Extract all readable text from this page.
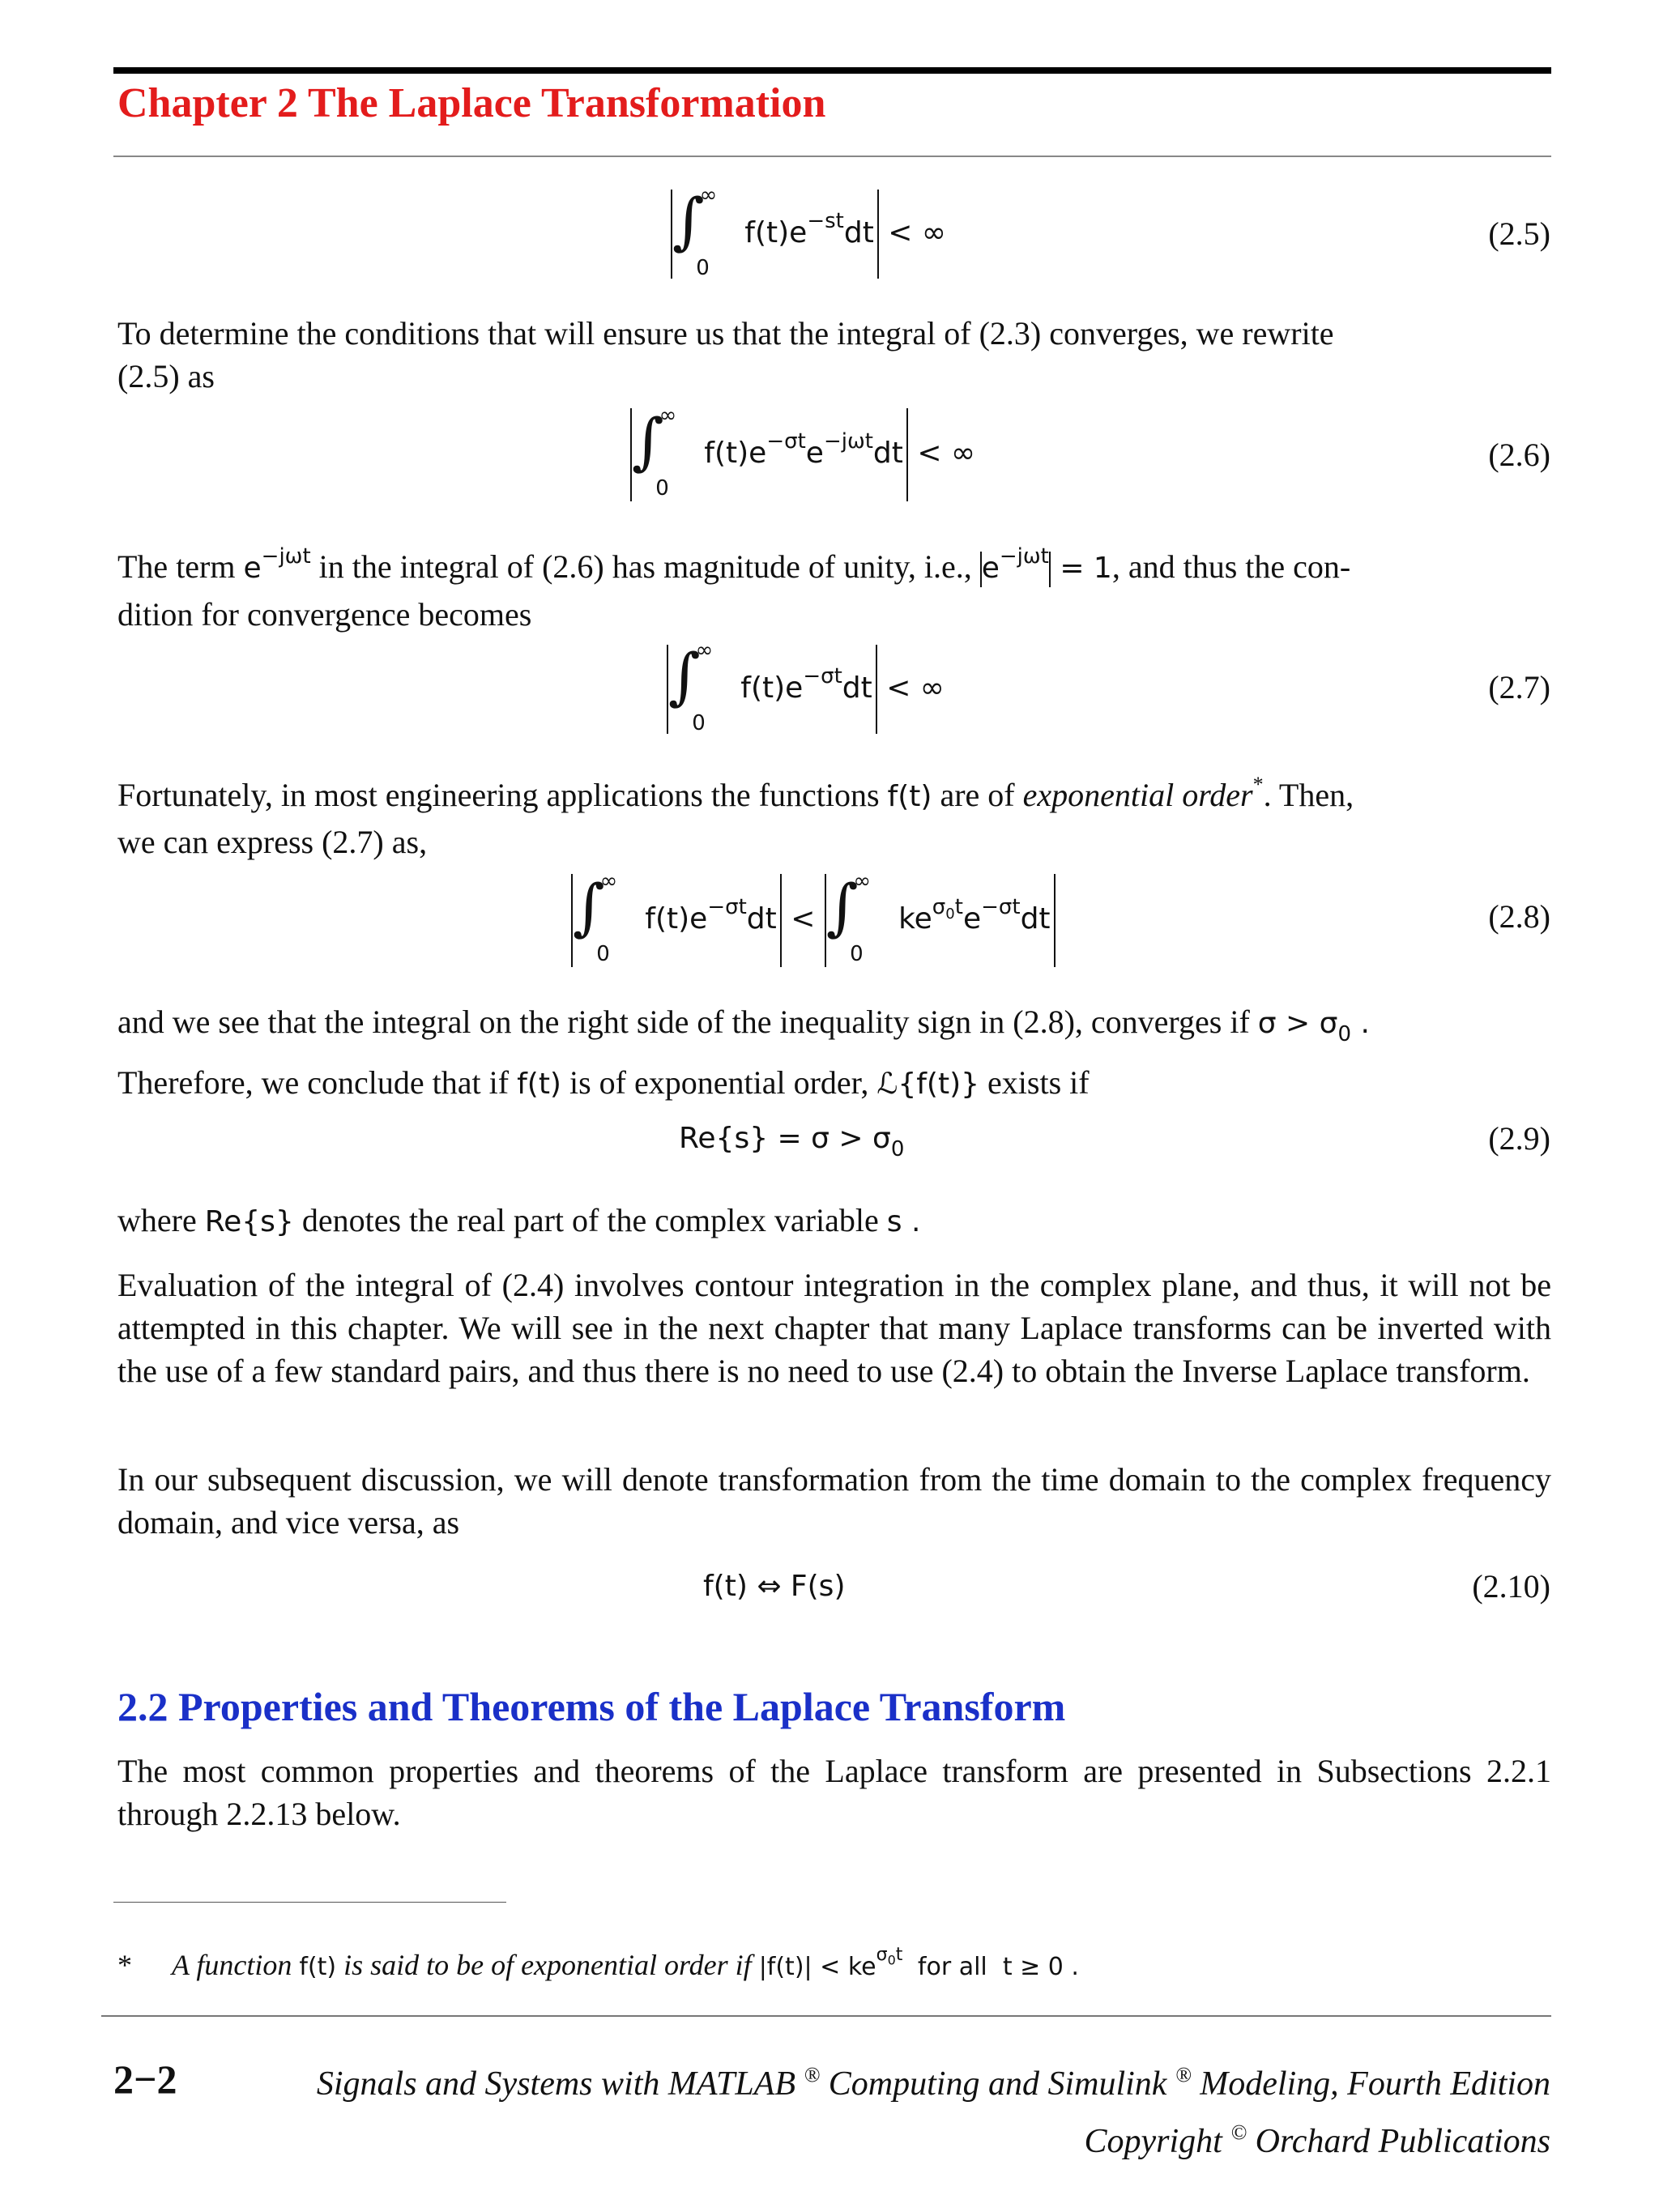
Chapter 2 The Laplace Transformation
$\int^\infty_0$ $f(t)e^{-st}dt$ < ∞	(2.5)

To determine the conditions that will ensure us that the integral of (2.3) converges, we rewrite

(2.5) as

$\int^\infty_0$ $f(t)e^{-\sigma t}e^{-j\omega t}dt$ < ∞	(2.6)

The term $e^{-j\omega t}$ in the integral of (2.6) has magnitude of unity, i.e., $e^{-j\omega t} = 1$, and thus the con-

dition for convergence becomes

$\int^\infty_0$ $f(t)e^{-\sigma t}dt$ < ∞	(2.7)

Fortunately, in most engineering applications the functions f(t) are of exponential order*. Then,

we can express (2.7) as,

$\int^\infty_0$ $f(t)e^{-\sigma t}dt < \int^\infty_0$ $ke^{\sigma_0t}e^{-\sigma t}dt$	(2.8)

and we see that the integral on the right side of the inequality sign in (2.8), converges if $\sigma > \sigma_0$ .

Therefore, we conclude that if f(t) is of exponential order, ℒ{f(t)} exists if

$Re\{s\} = \sigma > \sigma_0$	(2.9)

where Re{s} denotes the real part of the complex variable s .

Evaluation of the integral of (2.4) involves contour integration in the complex plane, and thus, it will not be attempted in this chapter. We will see in the next chapter that many Laplace transforms can be inverted with the use of a few standard pairs, and thus there is no need to use (2.4) to obtain the Inverse Laplace transform.
In our subsequent discussion, we will denote transformation from the time domain to the complex frequency domain, and vice versa, as
f(t) ⇔ F(s)	(2.10)
2.2 Properties and Theorems of the Laplace Transform
The most common properties and theorems of the Laplace transform are presented in Subsections 2.2.1 through 2.2.13 below.
* A function f(t) is said to be of exponential order if $|f(t)| < ke^{\sigma_0t}$  for all  t ≥ 0 .
2−2	Signals and Systems with MATLAB ® Computing and Simulink ® Modeling, Fourth Edition
Copyright © Orchard Publications
